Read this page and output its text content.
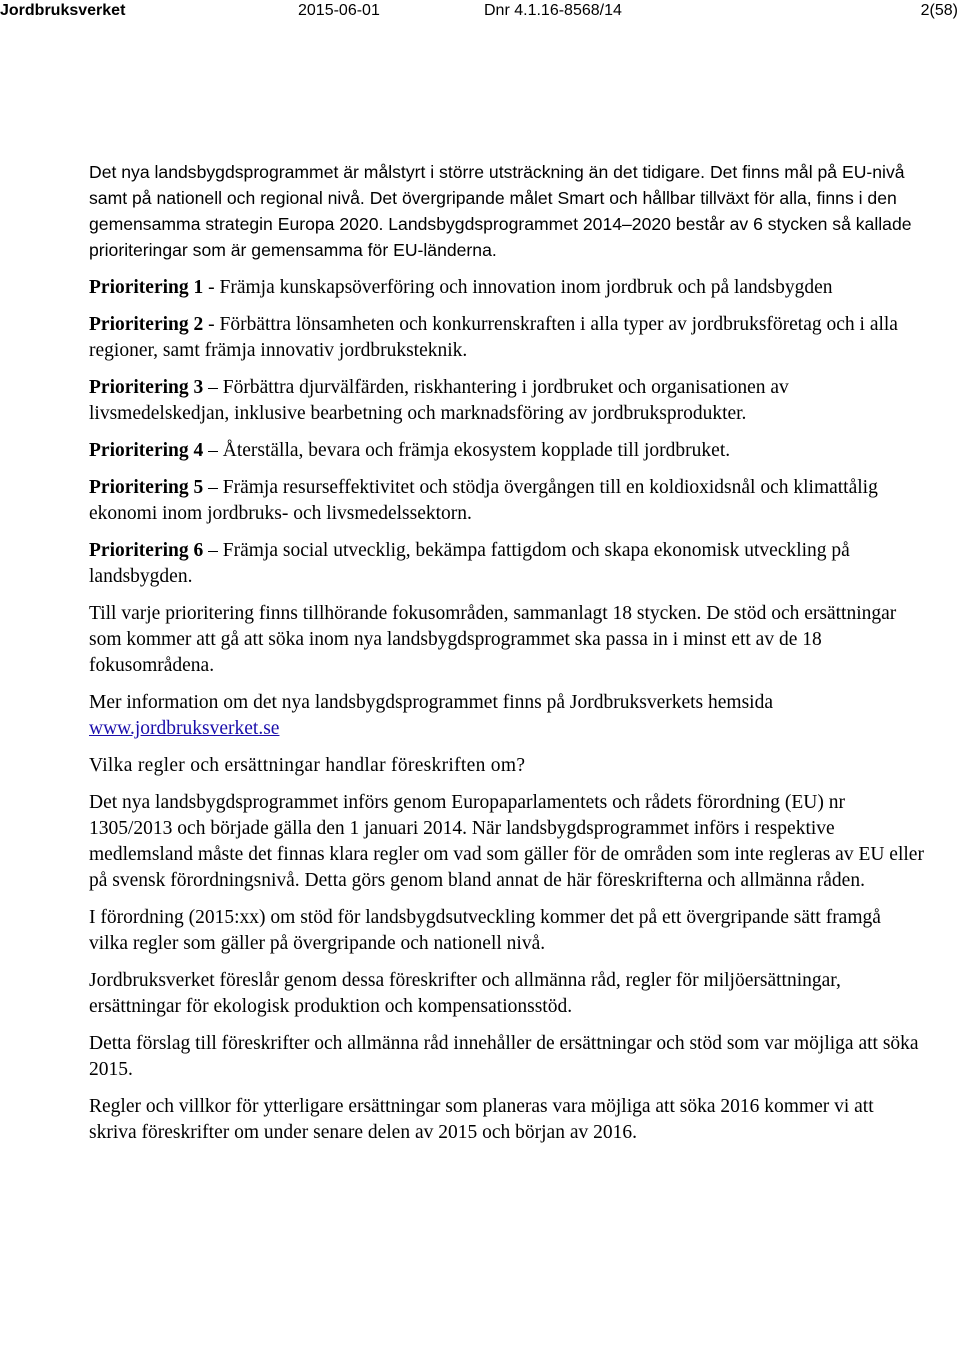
Jordbruksverket	2015-06-01	Dnr 4.1.16-8568/14	2(58)

Det nya landsbygdsprogrammet är målstyrt i större utsträckning än det tidigare. Det finns mål på EU-nivå samt på nationell och regional nivå. Det övergripande målet Smart och hållbar tillväxt för alla, finns i den gemensamma strategin Europa 2020. Landsbygdsprogrammet 2014–2020 består av 6 stycken så kallade prioriteringar som är gemensamma för EU-länderna.

Prioritering 1 - Främja kunskapsöverföring och innovation inom jordbruk och på landsbygden

Prioritering 2 - Förbättra lönsamheten och konkurrenskraften i alla typer av jordbruksföretag och i alla regioner, samt främja innovativ jordbruksteknik.

Prioritering 3 – Förbättra djurvälfärden, riskhantering i jordbruket och organisationen av livsmedelskedjan, inklusive bearbetning och marknadsföring av jordbruksprodukter.

Prioritering 4 – Återställa, bevara och främja ekosystem kopplade till jordbruket.

Prioritering 5 – Främja resurseffektivitet och stödja övergången till en koldioxidsnål och klimattålig ekonomi inom jordbruks- och livsmedelssektorn.

Prioritering 6 – Främja social utvecklig, bekämpa fattigdom och skapa ekonomisk utveckling på landsbygden.

Till varje prioritering finns tillhörande fokusområden, sammanlagt 18 stycken. De stöd och ersättningar som kommer att gå att söka inom nya landsbygdsprogrammet ska passa in i minst ett av de 18 fokusområdena.

Mer information om det nya landsbygdsprogrammet finns på Jordbruksverkets hemsida www.jordbruksverket.se

Vilka regler och ersättningar handlar föreskriften om?

Det nya landsbygdsprogrammet införs genom Europaparlamentets och rådets förordning (EU) nr 1305/2013 och började gälla den 1 januari 2014. När landsbygdsprogrammet införs i respektive medlemsland måste det finnas klara regler om vad som gäller för de områden som inte regleras av EU eller på svensk förordningsnivå. Detta görs genom bland annat de här föreskrifterna och allmänna råden.

I förordning (2015:xx) om stöd för landsbygdsutveckling kommer det på ett övergripande sätt framgå vilka regler som gäller på övergripande och nationell nivå.

Jordbruksverket föreslår genom dessa föreskrifter och allmänna råd, regler för miljöersättningar, ersättningar för ekologisk produktion och kompensationsstöd.

Detta förslag till föreskrifter och allmänna råd innehåller de ersättningar och stöd som var möjliga att söka 2015.

Regler och villkor för ytterligare ersättningar som planeras vara möjliga att söka 2016 kommer vi att skriva föreskrifter om under senare delen av 2015 och början av 2016.
